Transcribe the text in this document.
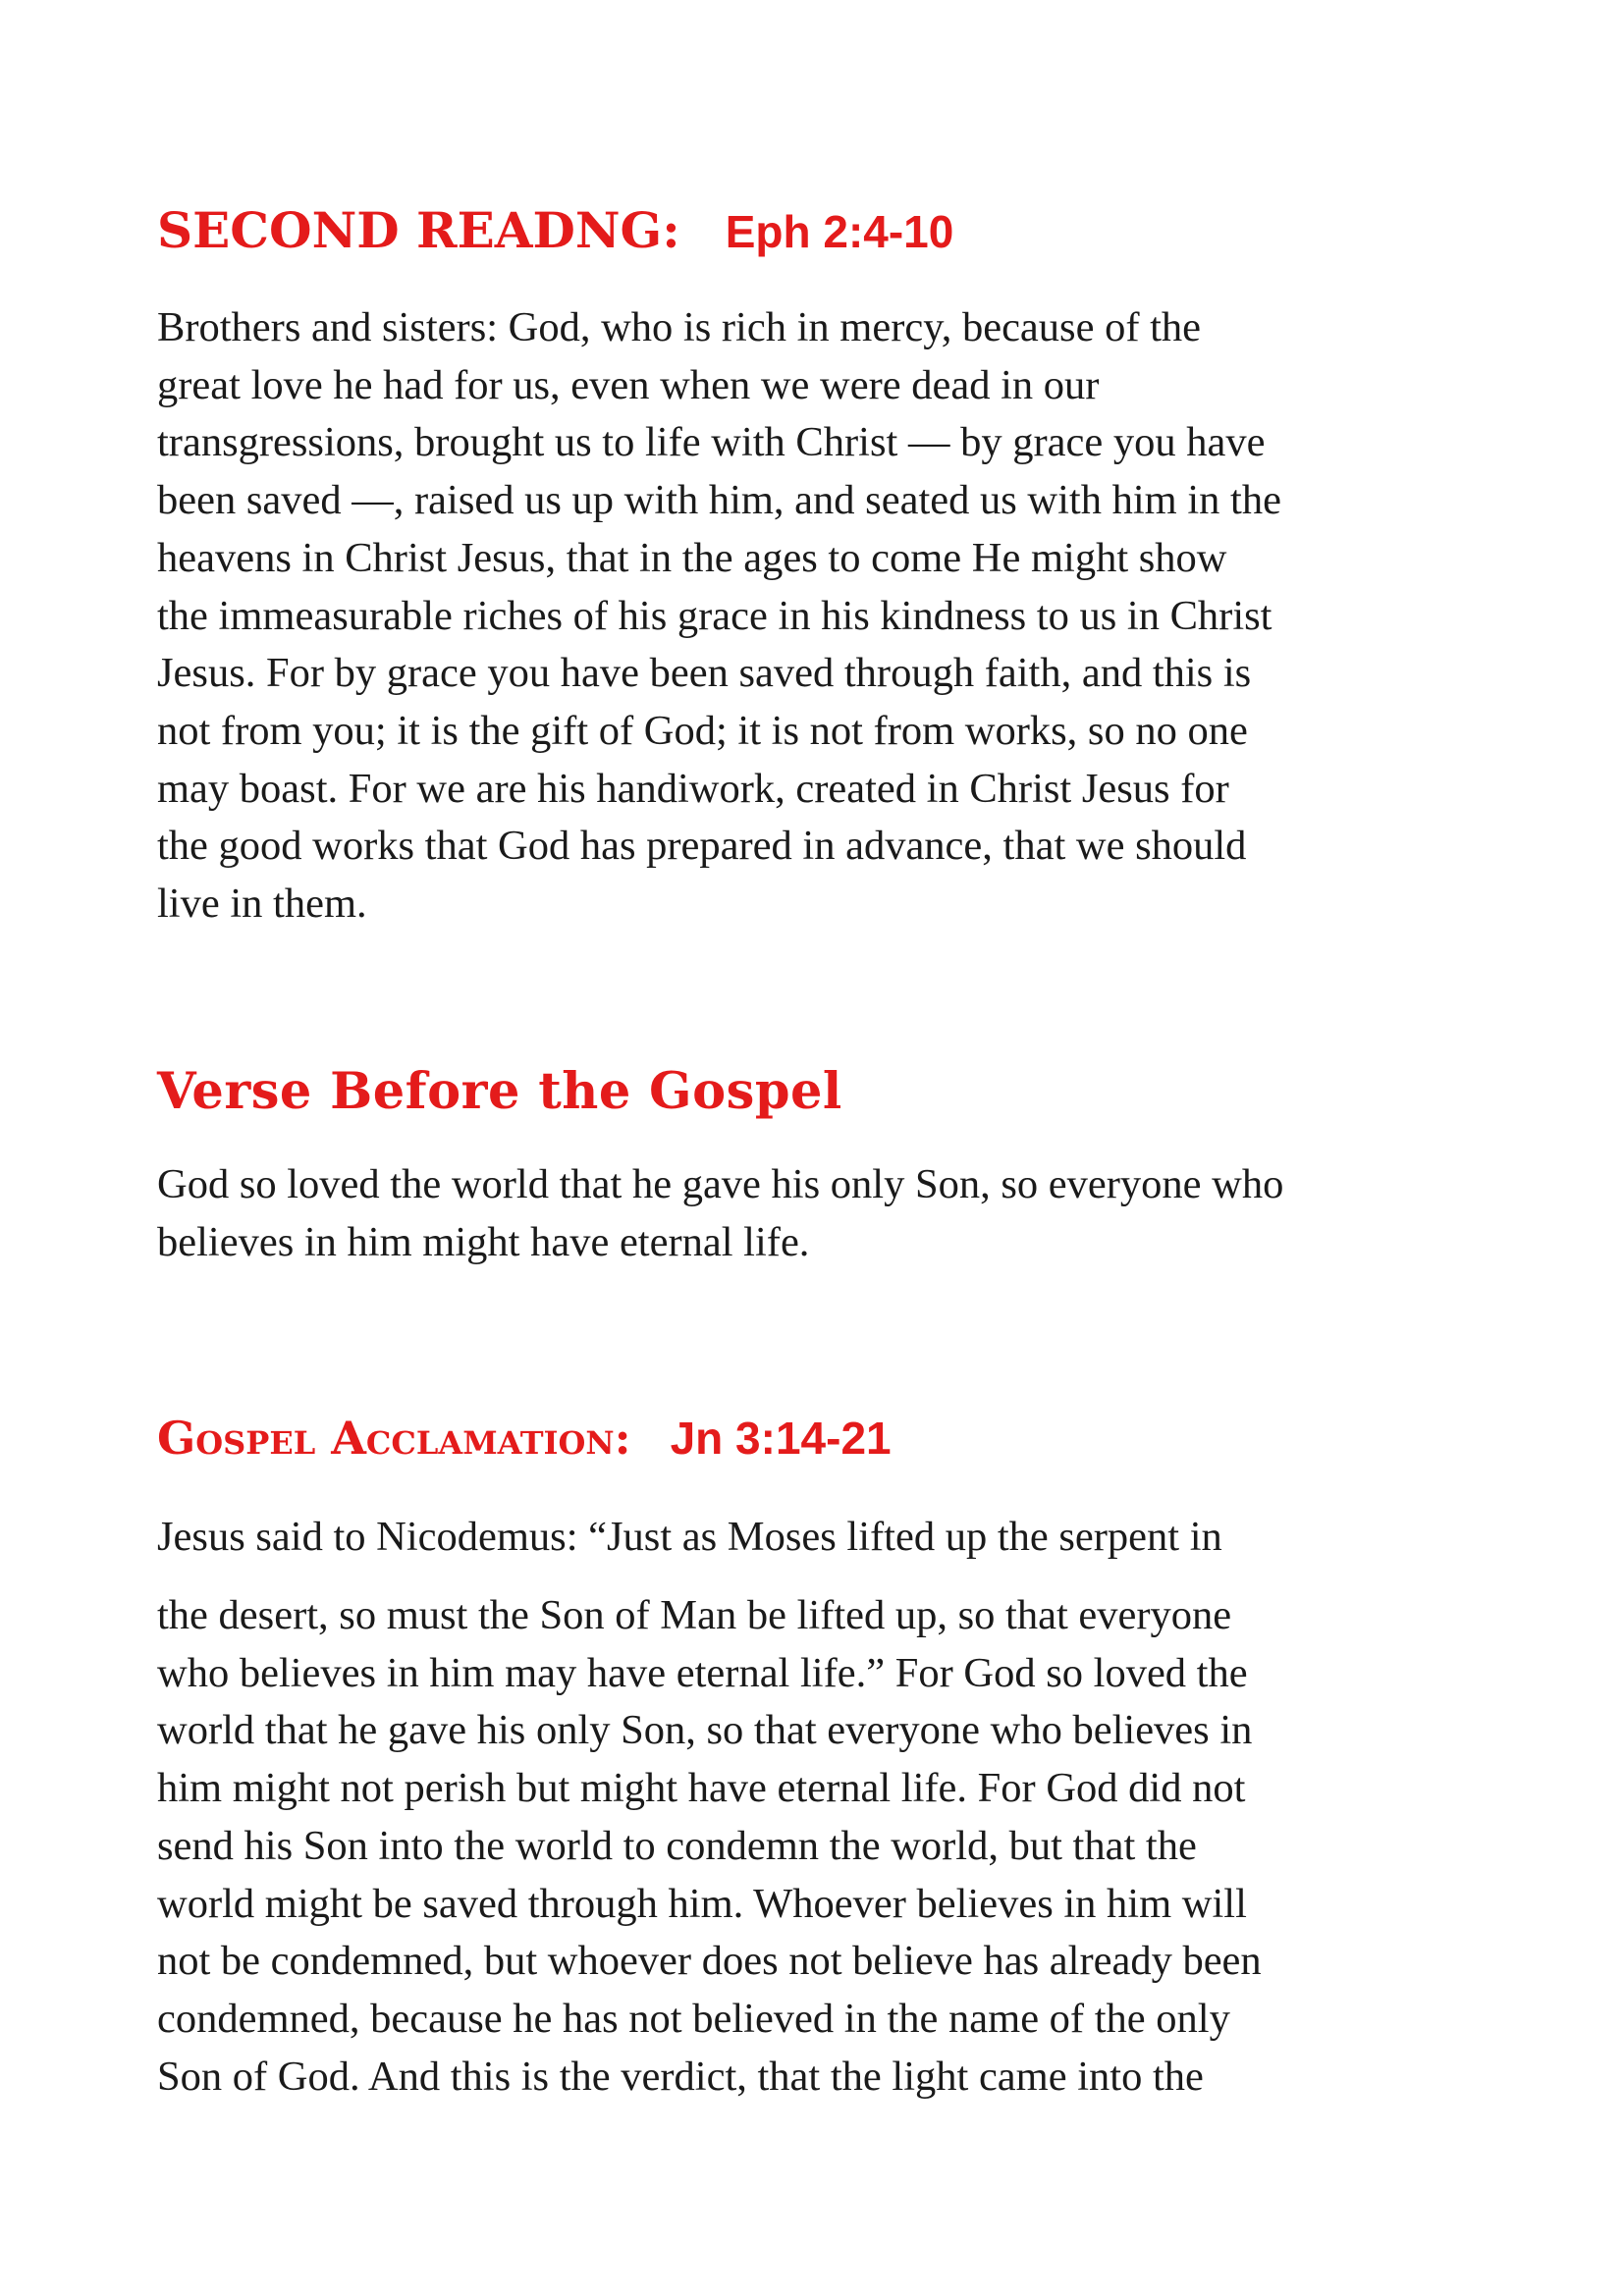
SECOND READNG: Eph 2:4-10
Brothers and sisters: God, who is rich in mercy, because of the
great love he had for us, even when we were dead in our
transgressions, brought us to life with Christ — by grace you have
been saved —, raised us up with him, and seated us with him in the
heavens in Christ Jesus, that in the ages to come He might show
the immeasurable riches of his grace in his kindness to us in Christ
Jesus. For by grace you have been saved through faith, and this is
not from you; it is the gift of God; it is not from works, so no one
may boast. For we are his handiwork, created in Christ Jesus for
the good works that God has prepared in advance, that we should
live in them.
Verse Before the Gospel
God so loved the world that he gave his only Son, so everyone who
believes in him might have eternal life.
Gospel Acclamation: Jn 3:14-21
Jesus said to Nicodemus: “Just as Moses lifted up the serpent in
the desert, so must the Son of Man be lifted up, so that everyone
who believes in him may have eternal life.” For God so loved the
world that he gave his only Son, so that everyone who believes in
him might not perish but might have eternal life. For God did not
send his Son into the world to condemn the world, but that the
world might be saved through him. Whoever believes in him will
not be condemned, but whoever does not believe has already been
condemned, because he has not believed in the name of the only
Son of God. And this is the verdict, that the light came into the
